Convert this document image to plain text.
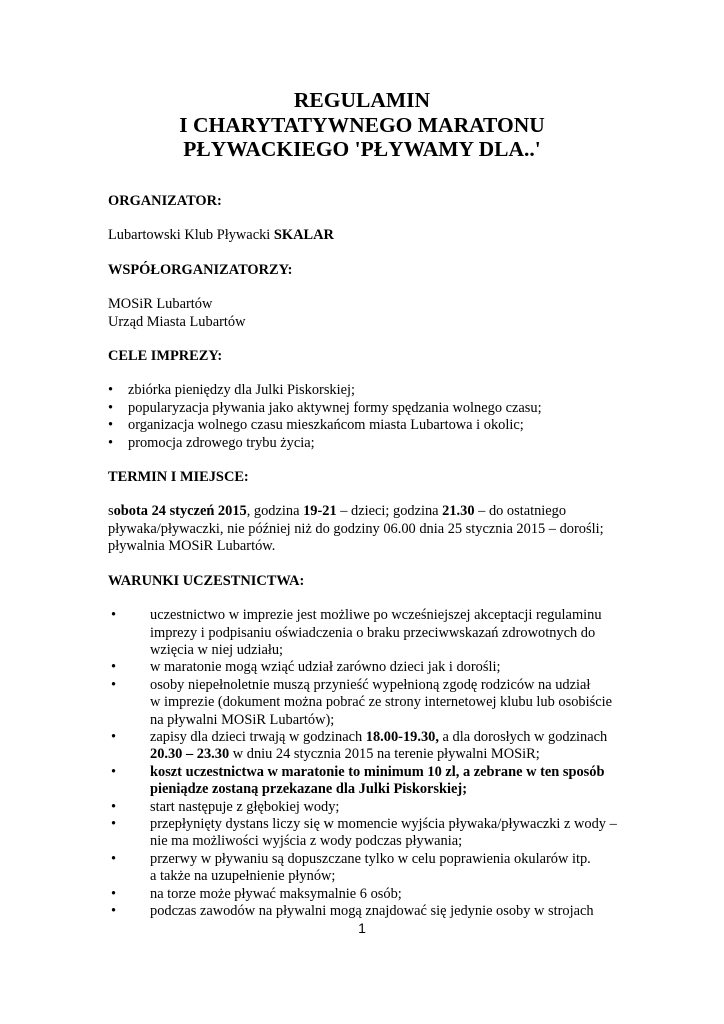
REGULAMIN
I CHARYTATYWNEGO MARATONU
PŁYWACKIEGO 'PŁYWAMY DLA..'

ORGANIZATOR:

Lubartowski Klub Pływacki SKALAR

WSPÓŁORGANIZATORZY:

MOSiR Lubartów
Urząd Miasta Lubartów

CELE IMPREZY:

• zbiórka pieniędzy dla Julki Piskorskiej;
• popularyzacja pływania jako aktywnej formy spędzania wolnego czasu;
• organizacja wolnego czasu mieszkańcom miasta Lubartowa i okolic;
• promocja zdrowego trybu życia;

TERMIN I MIEJSCE:

sobota 24 styczeń 2015, godzina 19-21 – dzieci; godzina 21.30 – do ostatniego
pływaka/pływaczki, nie później niż do godziny 06.00 dnia 25 stycznia 2015 – dorośli;
pływalnia MOSiR Lubartów.

WARUNKI UCZESTNICTWA:

• uczestnictwo w imprezie jest możliwe po wcześniejszej akceptacji regulaminu
imprezy i podpisaniu oświadczenia o braku przeciwwskazań zdrowotnych do
wzięcia w niej udziału;
• w maratonie mogą wziąć udział zarówno dzieci jak i dorośli;
• osoby niepełnoletnie muszą przynieść wypełnioną zgodę rodziców na udział
w imprezie (dokument można pobrać ze strony internetowej klubu lub osobiście
na pływalni MOSiR Lubartów);
• zapisy dla dzieci trwają w godzinach 18.00-19.30, a dla dorosłych w godzinach
20.30 – 23.30 w dniu 24 stycznia 2015 na terenie pływalni MOSiR;
• koszt uczestnictwa w maratonie to minimum 10 zl, a zebrane w ten sposób
pieniądze zostaną przekazane dla Julki Piskorskiej;
• start następuje z głębokiej wody;
• przepłynięty dystans liczy się w momencie wyjścia pływaka/pływaczki z wody –
nie ma możliwości wyjścia z wody podczas pływania;
• przerwy w pływaniu są dopuszczane tylko w celu poprawienia okularów itp.
a także na uzupełnienie płynów;
• na torze może pływać maksymalnie 6 osób;
• podczas zawodów na pływalni mogą znajdować się jedynie osoby w strojach
1
